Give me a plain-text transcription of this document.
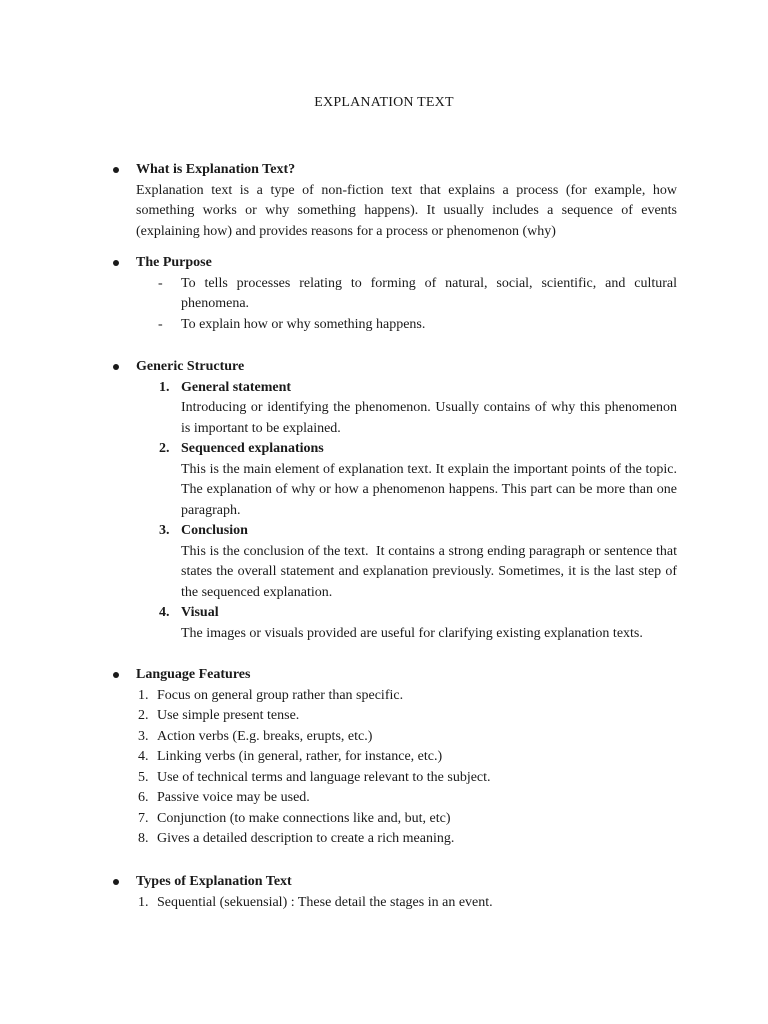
EXPLANATION TEXT
What is Explanation Text?

Explanation text is a type of non-fiction text that explains a process (for example, how something works or why something happens). It usually includes a sequence of events (explaining how) and provides reasons for a process or phenomenon (why)

The Purpose
- To tells processes relating to forming of natural, social, scientific, and cultural phenomena.
- To explain how or why something happens.
Generic Structure
1. General statement

Introducing or identifying the phenomenon. Usually contains of why this phenomenon is important to be explained.

2. Sequenced explanations

This is the main element of explanation text. It explain the important points of the topic. The explanation of why or how a phenomenon happens. This part can be more than one paragraph.

3. Conclusion

This is the conclusion of the text.  It contains a strong ending paragraph or sentence that states the overall statement and explanation previously. Sometimes, it is the last step of the sequenced explanation.

4. Visual

The images or visuals provided are useful for clarifying existing explanation texts.

Language Features
1. Focus on general group rather than specific.
2. Use simple present tense.
3. Action verbs (E.g. breaks, erupts, etc.)
4. Linking verbs (in general, rather, for instance, etc.)
5. Use of technical terms and language relevant to the subject.
6. Passive voice may be used.
7. Conjunction (to make connections like and, but, etc)
8. Gives a detailed description to create a rich meaning.
Types of Explanation Text
1. Sequential (sekuensial) : These detail the stages in an event.
